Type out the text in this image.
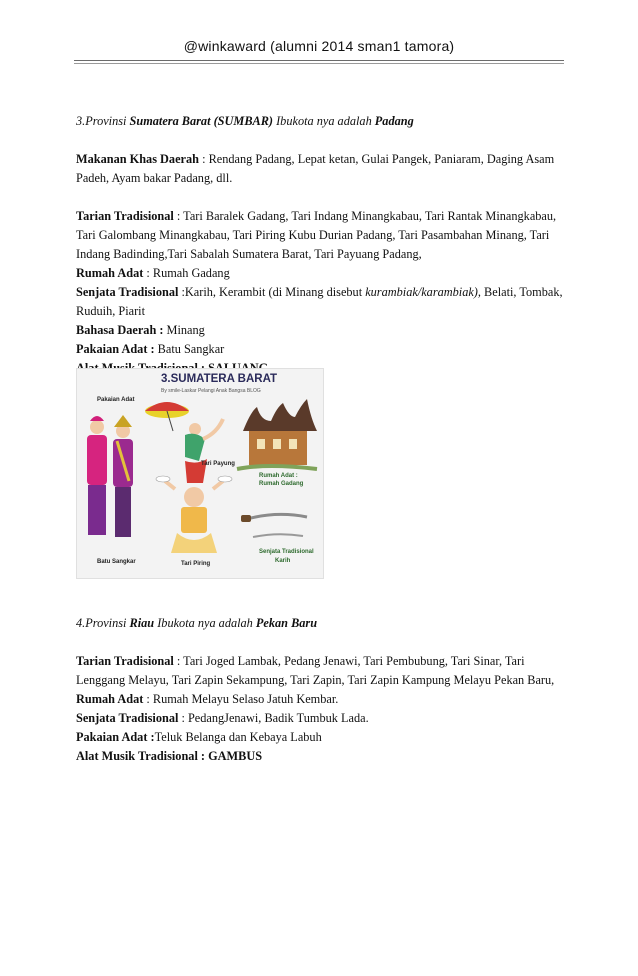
@winkaward (alumni 2014 sman1 tamora)

3.Provinsi Sumatera Barat (SUMBAR) Ibukota nya adalah Padang

Makanan Khas Daerah : Rendang Padang, Lepat ketan, Gulai Pangek, Paniaram, Daging Asam Padeh, Ayam bakar Padang, dll.

Tarian Tradisional : Tari Baralek Gadang, Tari Indang Minangkabau, Tari Rantak Minangkabau, Tari Galombang Minangkabau, Tari Piring Kubu Durian Padang, Tari Pasambahan Minang, Tari Indang Badinding,Tari Sabalah Sumatera Barat, Tari Payuang Padang,

Rumah Adat : Rumah Gadang

Senjata Tradisional :Karih, Kerambit (di Minang disebut kurambiak/karambiak), Belati, Tombak, Ruduih, Piarit

Bahasa Daerah : Minang

Pakaian Adat : Batu Sangkar

3.SUMATERA BARAT
By smile-Laskar Pelangi Anak Bangsa BLOG
Pakaian Adat
Batu Sangkar
Tari Payung
Tari Piring
Rumah Adat :
Rumah Gadang
Senjata Tradisional
Karih

4.Provinsi Riau Ibukota nya adalah Pekan Baru

Tarian Tradisional : Tari Joged Lambak, Pedang Jenawi, Tari Pembubung, Tari Sinar, Tari Lenggang Melayu, Tari Zapin Sekampung, Tari Zapin, Tari Zapin Kampung Melayu Pekan Baru,

Rumah Adat : Rumah Melayu Selaso Jatuh Kembar.

Senjata Tradisional : PedangJenawi, Badik Tumbuk Lada.

Pakaian Adat :Teluk Belanga dan Kebaya Labuh

Alat Musik Tradisional : GAMBUS
